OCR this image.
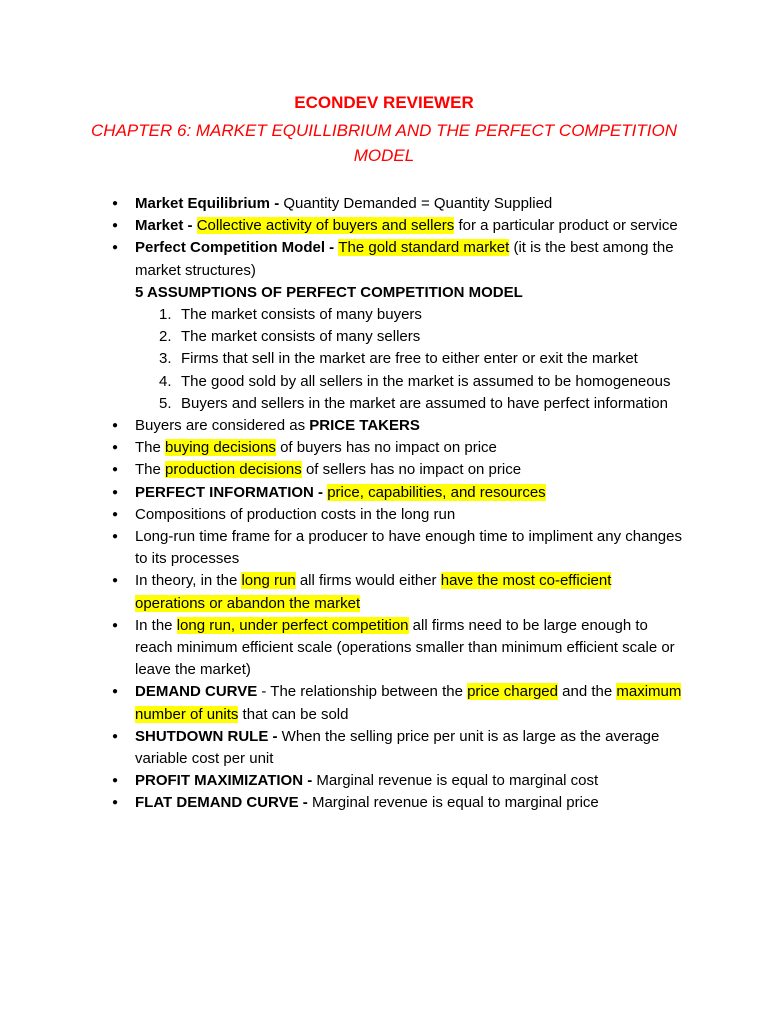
ECONDEV REVIEWER
CHAPTER 6: MARKET EQUILLIBRIUM AND THE PERFECT COMPETITION MODEL
● Market Equilibrium - Quantity Demanded = Quantity Supplied
● Market - Collective activity of buyers and sellers for a particular product or service
● Perfect Competition Model - The gold standard market (it is the best among the market structures)
5 ASSUMPTIONS OF PERFECT COMPETITION MODEL
1. The market consists of many buyers
2. The market consists of many sellers
3. Firms that sell in the market are free to either enter or exit the market
4. The good sold by all sellers in the market is assumed to be homogeneous
5. Buyers and sellers in the market are assumed to have perfect information
● Buyers are considered as PRICE TAKERS
● The buying decisions of buyers has no impact on price
● The production decisions of sellers has no impact on price
● PERFECT INFORMATION - price, capabilities, and resources
● Compositions of production costs in the long run
● Long-run time frame for a producer to have enough time to impliment any changes to its processes
● In theory, in the long run all firms would either have the most co-efficient operations or abandon the market
● In the long run, under perfect competition all firms need to be large enough to reach minimum efficient scale (operations smaller than minimum efficient scale or leave the market)
● DEMAND CURVE - The relationship between the price charged and the maximum number of units that can be sold
● SHUTDOWN RULE - When the selling price per unit is as large as the average variable cost per unit
● PROFIT MAXIMIZATION - Marginal revenue is equal to marginal cost
● FLAT DEMAND CURVE - Marginal revenue is equal to marginal price
